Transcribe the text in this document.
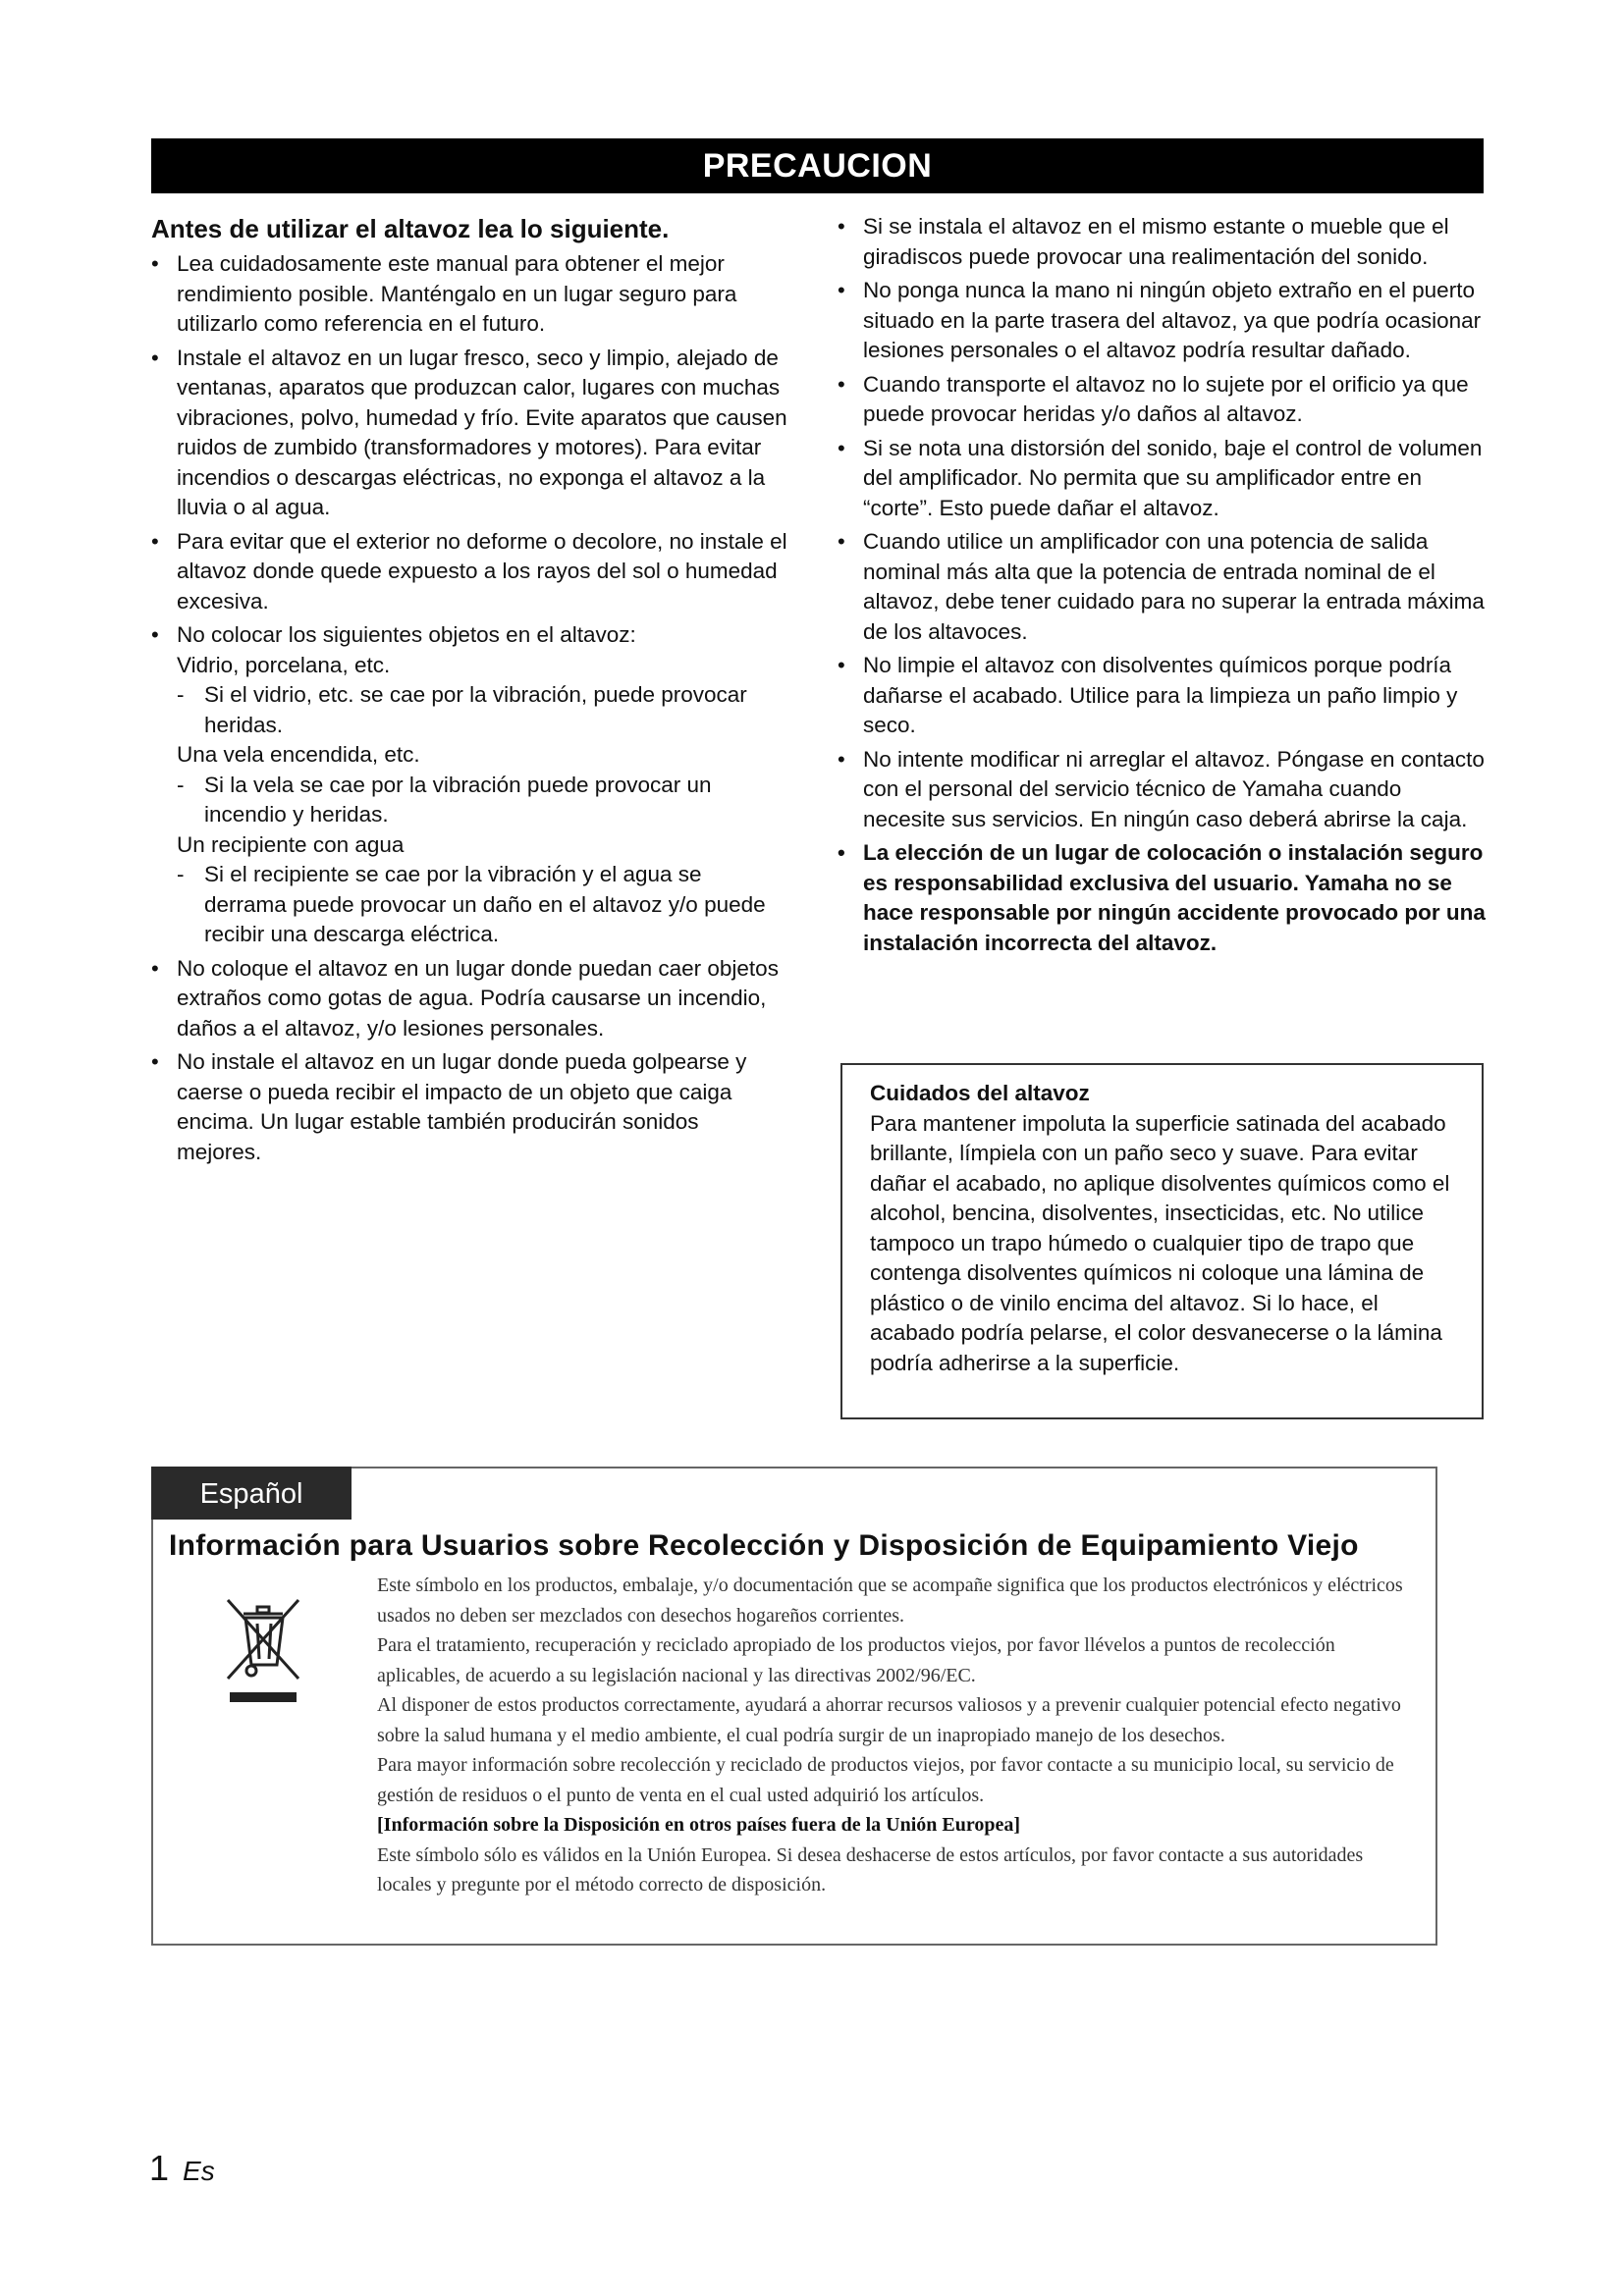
PRECAUCION
Antes de utilizar el altavoz lea lo siguiente.
• Lea cuidadosamente este manual para obtener el mejor rendimiento posible. Manténgalo en un lugar seguro para utilizarlo como referencia en el futuro.
• Instale el altavoz en un lugar fresco, seco y limpio, alejado de ventanas, aparatos que produzcan calor, lugares con muchas vibraciones, polvo, humedad y frío. Evite aparatos que causen ruidos de zumbido (transformadores y motores). Para evitar incendios o descargas eléctricas, no exponga el altavoz a la lluvia o al agua.
• Para evitar que el exterior no deforme o decolore, no instale el altavoz donde quede expuesto a los rayos del sol o humedad excesiva.
• No colocar los siguientes objetos en el altavoz:
Vidrio, porcelana, etc.
- Si el vidrio, etc. se cae por la vibración, puede provocar heridas.
Una vela encendida, etc.
- Si la vela se cae por la vibración puede provocar un incendio y heridas.
Un recipiente con agua
- Si el recipiente se cae por la vibración y el agua se derrama puede provocar un daño en el altavoz y/o puede recibir una descarga eléctrica.
• No coloque el altavoz en un lugar donde puedan caer objetos extraños como gotas de agua. Podría causarse un incendio, daños a el altavoz, y/o lesiones personales.
• No instale el altavoz en un lugar donde pueda golpearse y caerse o pueda recibir el impacto de un objeto que caiga encima. Un lugar estable también producirán sonidos mejores.
• Si se instala el altavoz en el mismo estante o mueble que el giradiscos puede provocar una realimentación del sonido.
• No ponga nunca la mano ni ningún objeto extraño en el puerto situado en la parte trasera del altavoz, ya que podría ocasionar lesiones personales o el altavoz podría resultar dañado.
• Cuando transporte el altavoz no lo sujete por el orificio ya que puede provocar heridas y/o daños al altavoz.
• Si se nota una distorsión del sonido, baje el control de volumen del amplificador. No permita que su amplificador entre en “corte”. Esto puede dañar el altavoz.
• Cuando utilice un amplificador con una potencia de salida nominal más alta que la potencia de entrada nominal de el altavoz, debe tener cuidado para no superar la entrada máxima de los altavoces.
• No limpie el altavoz con disolventes químicos porque podría dañarse el acabado. Utilice para la limpieza un paño limpio y seco.
• No intente modificar ni arreglar el altavoz. Póngase en contacto con el personal del servicio técnico de Yamaha cuando necesite sus servicios. En ningún caso deberá abrirse la caja.
• La elección de un lugar de colocación o instalación seguro es responsabilidad exclusiva del usuario. Yamaha no se hace responsable por ningún accidente provocado por una instalación incorrecta del altavoz.
Cuidados del altavoz
Para mantener impoluta la superficie satinada del acabado brillante, límpiela con un paño seco y suave. Para evitar dañar el acabado, no aplique disolventes químicos como el alcohol, bencina, disolventes, insecticidas, etc. No utilice tampoco un trapo húmedo o cualquier tipo de trapo que contenga disolventes químicos ni coloque una lámina de plástico o de vinilo encima del altavoz. Si lo hace, el acabado podría pelarse, el color desvanecerse o la lámina podría adherirse a la superficie.
Español
Información para Usuarios sobre Recolección y Disposición de Equipamiento Viejo

Este símbolo en los productos, embalaje, y/o documentación que se acompañe significa que los productos electrónicos y eléctricos usados no deben ser mezclados con desechos hogareños corrientes.

Para el tratamiento, recuperación y reciclado apropiado de los productos viejos, por favor llévelos a puntos de recolección aplicables, de acuerdo a su legislación nacional y las directivas 2002/96/EC.

Al disponer de estos productos correctamente, ayudará a ahorrar recursos valiosos y a prevenir cualquier potencial efecto negativo sobre la salud humana y el medio ambiente, el cual podría surgir de un inapropiado manejo de los desechos.

Para mayor información sobre recolección y reciclado de productos viejos, por favor contacte a su municipio local, su servicio de gestión de residuos o el punto de venta en el cual usted adquirió los artículos.

[Información sobre la Disposición en otros países fuera de la Unión Europea]

Este símbolo sólo es válidos en la Unión Europea. Si desea deshacerse de estos artículos, por favor contacte a sus autoridades locales y pregunte por el método correcto de disposición.

1 Es
